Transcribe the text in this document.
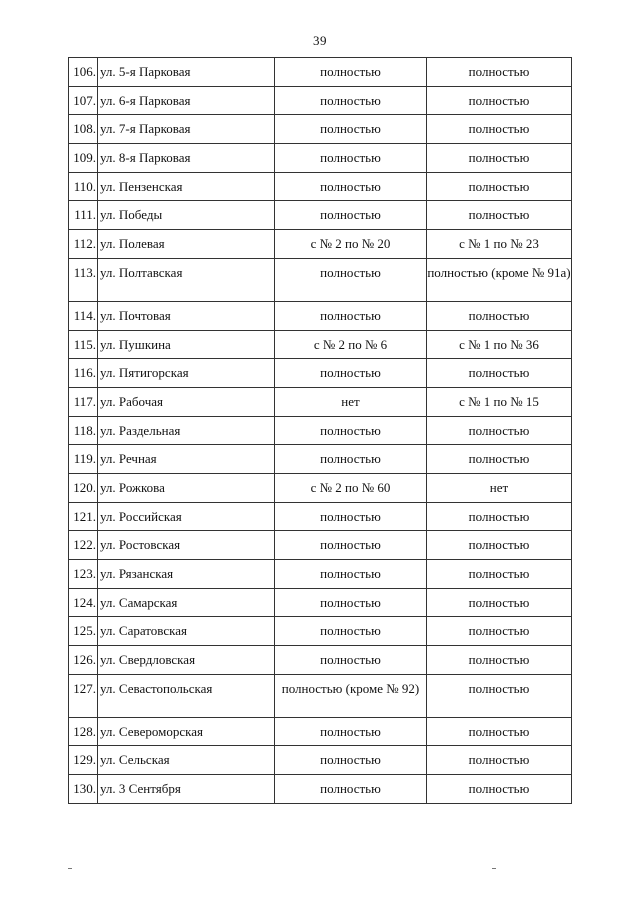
39
106.	ул. 5-я Парковая	полностью	полностью
107.	ул. 6-я Парковая	полностью	полностью
108.	ул. 7-я Парковая	полностью	полностью
109.	ул. 8-я Парковая	полностью	полностью
110.	ул. Пензенская	полностью	полностью
111.	ул. Победы	полностью	полностью
112.	ул. Полевая	с № 2 по № 20	с № 1 по № 23
113.	ул. Полтавская	полностью	полностью (кроме № 91а)
114.	ул. Почтовая	полностью	полностью
115.	ул. Пушкина	с № 2 по № 6	с № 1 по № 36
116.	ул. Пятигорская	полностью	полностью
117.	ул. Рабочая	нет	с № 1 по № 15
118.	ул. Раздельная	полностью	полностью
119.	ул. Речная	полностью	полностью
120.	ул. Рожкова	с № 2 по № 60	нет
121.	ул. Российская	полностью	полностью
122.	ул. Ростовская	полностью	полностью
123.	ул. Рязанская	полностью	полностью
124.	ул. Самарская	полностью	полностью
125.	ул. Саратовская	полностью	полностью
126.	ул. Свердловская	полностью	полностью
127.	ул. Севастопольская	полностью (кроме № 92)	полностью
128.	ул. Североморская	полностью	полностью
129.	ул. Сельская	полностью	полностью
130.	ул. 3 Сентября	полностью	полностью
